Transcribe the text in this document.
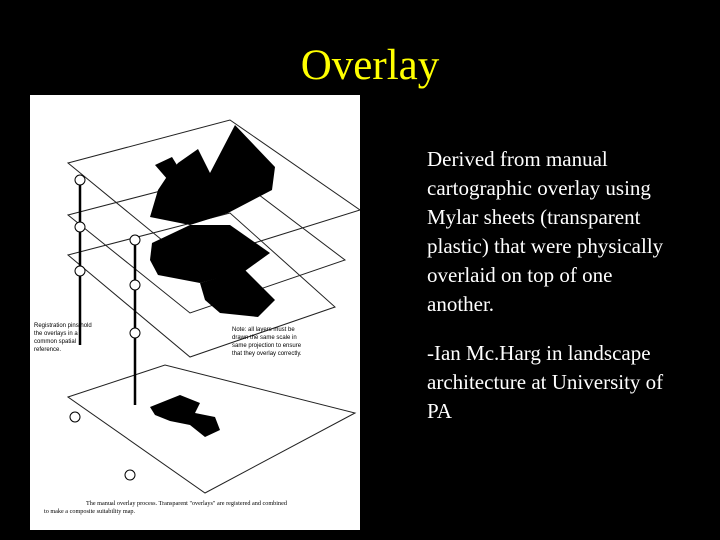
Overlay
Registration pins hold the overlays in a common spatial reference.
Note: all layers must be drawn the same scale in same projection to ensure that they overlay correctly.
The manual overlay process. Transparent "overlays" are registered and combined to make a composite suitability map.

Derived from manual cartographic overlay using Mylar sheets (transparent plastic) that were physically overlaid on top of one another.

-Ian Mc.Harg in landscape architecture at University of PA
